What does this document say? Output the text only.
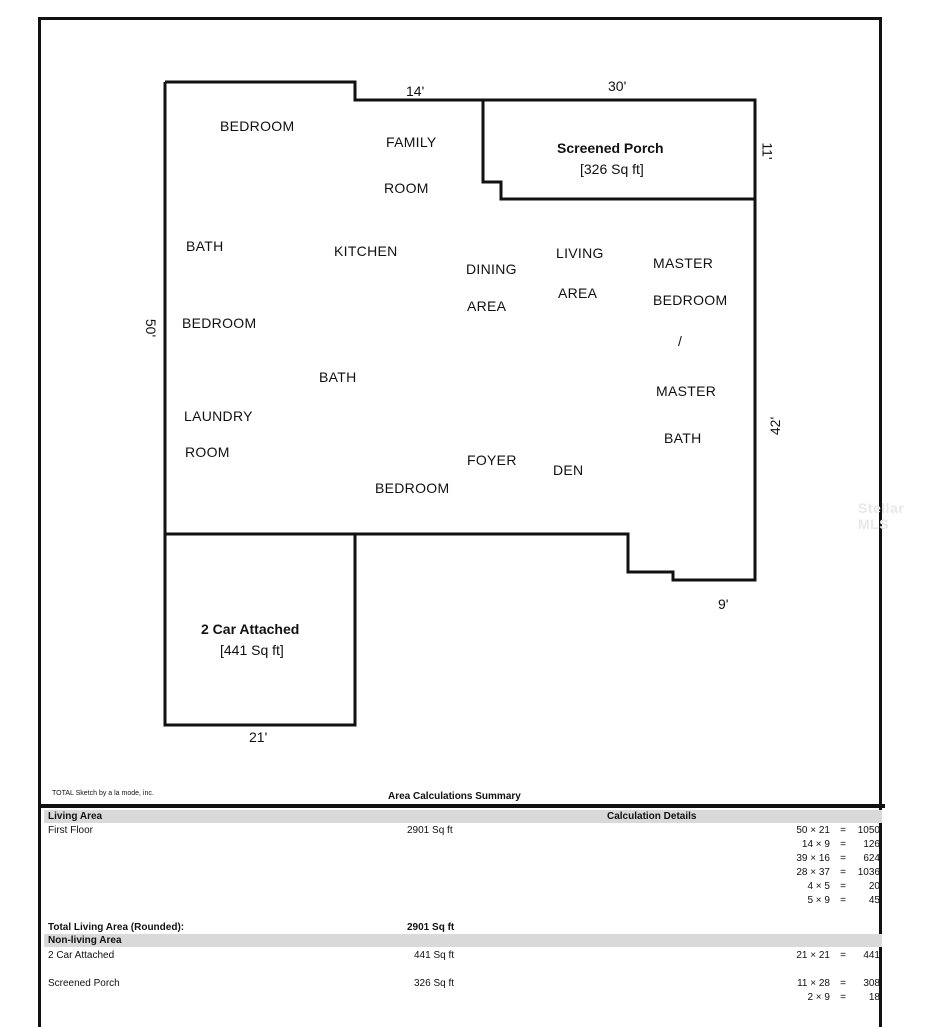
BEDROOM
FAMILY
ROOM
BATH	KITCHEN
DINING
AREA
LIVING
AREA
MASTER
BEDROOM
/
MASTER
BATH
BEDROOM
BATH
LAUNDRY
ROOM	FOYER
DEN
BEDROOM
14'	30'
11'
50'
42'
9'
21'
Screened Porch
[326 Sq ft]
2 Car Attached
[441 Sq ft]
Stellar MLS
TOTAL Sketch by a la mode, inc.	Area Calculations Summary
Living Area	Calculation Details
First Floor	2901 Sq ft	50 × 21 = 1050
14 × 9 = 126
39 × 16 = 624
28 × 37 = 1036
4 × 5 = 20
5 × 9 = 45
Total Living Area (Rounded):	2901 Sq ft
Non-living Area
2 Car Attached	441 Sq ft	21 × 21 = 441
Screened Porch	326 Sq ft	11 × 28 = 308
2 × 9 = 18
